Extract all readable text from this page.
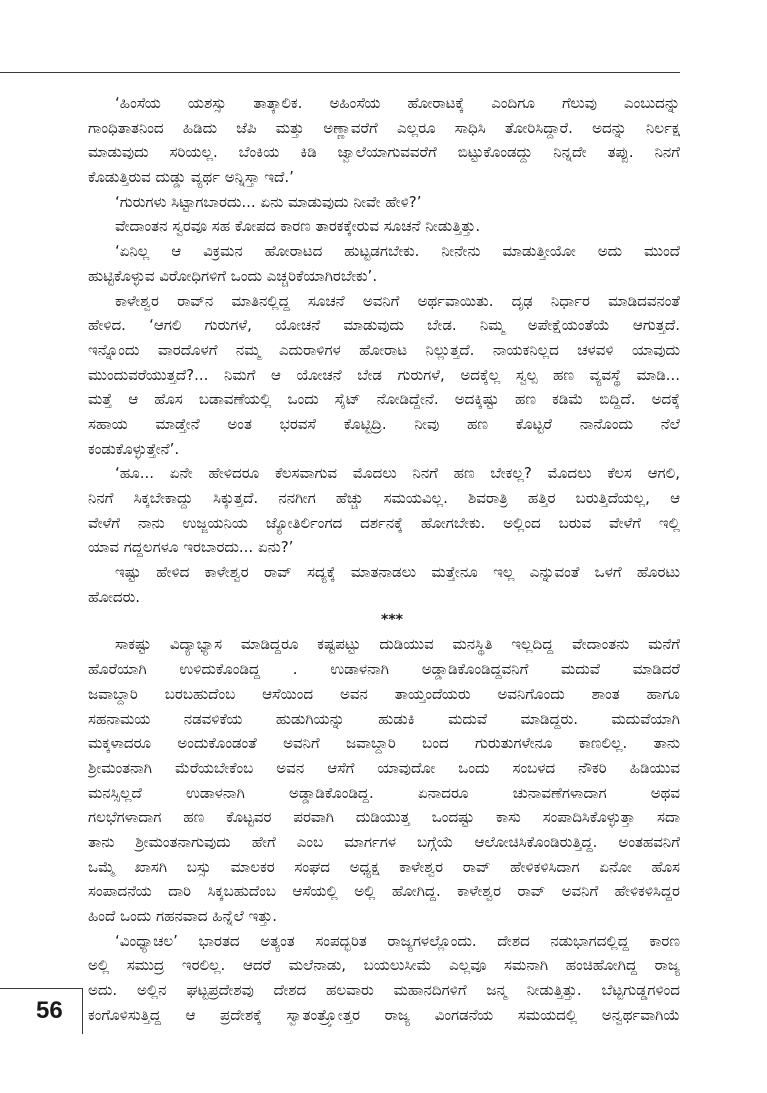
‘ಹಿಂಸೆಯ ಯಶಸ್ಸು ತಾತ್ಕಾಲಿಕ. ಅಹಿಂಸೆಯ ಹೋರಾಟಕ್ಕೆ ಎಂದಿಗೂ ಗೆಲುವು ಎಂಬುದನ್ನು
ಗಾಂಧಿತಾತನಿಂದ ಹಿಡಿದು ಜೆಪಿ ಮತ್ತು ಅಣ್ಣಾವರೆಗೆ ಎಲ್ಲರೂ ಸಾಧಿಸಿ ತೋರಿಸಿದ್ದಾರೆ. ಅದನ್ನು ನಿರ್ಲಕ್ಷ
ಮಾಡುವುದು ಸರಿಯಲ್ಲ. ಬೆಂಕಿಯ ಕಿಡಿ ಜ್ವಾಲೆಯಾಗುವವರೆಗೆ ಬಿಟ್ಟುಕೊಂಡದ್ದು ನಿನ್ನದೇ ತಪ್ಪು. ನಿನಗೆ
ಕೊಡುತ್ತಿರುವ ದುಡ್ಡು ವ್ಯರ್ಥ ಅನ್ನಿಸ್ತಾ ಇದೆ.’
‘ಗುರುಗಳು ಸಿಟ್ಟಾಗಬಾರದು... ಏನು ಮಾಡುವುದು ನೀವೇ ಹೇಳಿ?’
ವೇದಾಂತನ ಸ್ವರವೂ ಸಹ ಕೋಪದ ಕಾರಣ ತಾರಕಕ್ಕೇರುವ ಸೂಚನೆ ನೀಡುತ್ತಿತ್ತು.
‘ಏನಿಲ್ಲ ಆ ವಿಕ್ರಮನ ಹೋರಾಟದ ಹುಟ್ಟಡಗಬೇಕು. ನೀನೇನು ಮಾಡುತ್ತೀಯೋ ಅದು ಮುಂದೆ
ಹುಟ್ಟಿಕೊಳ್ಳುವ ವಿರೋಧಿಗಳಿಗೆ ಒಂದು ಎಚ್ಚರಿಕೆಯಾಗಿರಬೇಕು’.
ಕಾಳೇಶ್ವರ ರಾವ್‌ನ ಮಾತಿನಲ್ಲಿದ್ದ ಸೂಚನೆ ಅವನಿಗೆ ಅರ್ಥವಾಯಿತು. ದೃಢ ನಿರ್ಧಾರ ಮಾಡಿದವನಂತೆ
ಹೇಳಿದ. ‘ಆಗಲಿ ಗುರುಗಳೆ, ಯೋಚನೆ ಮಾಡುವುದು ಬೇಡ. ನಿಮ್ಮ ಅಪೇಕ್ಷೆಯಂತೆಯೆ ಆಗುತ್ತದೆ.
ಇನ್ನೊಂದು ವಾರದೊಳಗೆ ನಮ್ಮ ಎದುರಾಳಿಗಳ ಹೋರಾಟ ನಿಲ್ಲುತ್ತದೆ. ನಾಯಕನಿಲ್ಲದ ಚಳವಳಿ ಯಾವುದು
ಮುಂದುವರೆಯುತ್ತದೆ?... ನಿಮಗೆ ಆ ಯೋಚನೆ ಬೇಡ ಗುರುಗಳೆ, ಅದಕ್ಕೆಲ್ಲ ಸ್ವಲ್ಪ ಹಣ ವ್ಯವಸ್ಥೆ ಮಾಡಿ...
ಮತ್ತೆ ಆ ಹೊಸ ಬಡಾವಣೆಯಲ್ಲಿ ಒಂದು ಸೈಟ್ ನೋಡಿದ್ದೇನೆ. ಅದಕ್ಕಿಷ್ಟು ಹಣ ಕಡಿಮೆ ಬಿದ್ದಿದೆ. ಅದಕ್ಕೆ
ಸಹಾಯ ಮಾಡ್ತೇನೆ ಅಂತ ಭರವಸೆ ಕೊಟ್ಟಿದ್ರಿ. ನೀವು ಹಣ ಕೊಟ್ಟರೆ ನಾನೊಂದು ನೆಲೆ
ಕಂಡುಕೊಳ್ಳುತ್ತೇನೆ’.
‘ಹೂ... ಏನೇ ಹೇಳಿದರೂ ಕೆಲಸವಾಗುವ ಮೊದಲು ನಿನಗೆ ಹಣ ಬೇಕಲ್ಲ? ಮೊದಲು ಕೆಲಸ ಆಗಲಿ,
ನಿನಗೆ ಸಿಕ್ಕಬೇಕಾದ್ದು ಸಿಕ್ಕುತ್ತದೆ. ನನಗೀಗ ಹೆಚ್ಚು ಸಮಯವಿಲ್ಲ. ಶಿವರಾತ್ರಿ ಹತ್ತಿರ ಬರುತ್ತಿದೆಯಲ್ಲ, ಆ
ವೇಳೆಗೆ ನಾನು ಉಜ್ಜಯನಿಯ ಜ್ಯೋತಿರ್ಲಿಂಗದ ದರ್ಶನಕ್ಕೆ ಹೋಗಬೇಕು. ಅಲ್ಲಿಂದ ಬರುವ ವೇಳೆಗೆ ಇಲ್ಲಿ
ಯಾವ ಗದ್ದಲಗಳೂ ಇರಬಾರದು... ಏನು?’
ಇಷ್ಟು ಹೇಳಿದ ಕಾಳೇಶ್ವರ ರಾವ್ ಸದ್ಯಕ್ಕೆ ಮಾತನಾಡಲು ಮತ್ತೇನೂ ಇಲ್ಲ ಎನ್ನುವಂತೆ ಒಳಗೆ ಹೊರಟು
ಹೋದರು.
***
ಸಾಕಷ್ಟು ವಿದ್ಯಾಭ್ಯಾಸ ಮಾಡಿದ್ದರೂ ಕಷ್ಟಪಟ್ಟು ದುಡಿಯುವ ಮನಸ್ಥಿತಿ ಇಲ್ಲದಿದ್ದ ವೇದಾಂತನು ಮನೆಗೆ
ಹೊರೆಯಾಗಿ ಉಳಿದುಕೊಂಡಿದ್ದ . ಉಡಾಳನಾಗಿ ಅಡ್ಡಾಡಿಕೊಂಡಿದ್ದವನಿಗೆ ಮದುವೆ ಮಾಡಿದರೆ
ಜವಾಬ್ದಾರಿ ಬರಬಹುದೆಂಬ ಆಸೆಯಿಂದ ಅವನ ತಾಯ್ತಂದೆಯರು ಅವನಿಗೊಂದು ಶಾಂತ ಹಾಗೂ
ಸಹನಾಮಯ ನಡವಳಿಕೆಯ ಹುಡುಗಿಯನ್ನು ಹುಡುಕಿ ಮದುವೆ ಮಾಡಿದ್ದರು. ಮದುವೆಯಾಗಿ
ಮಕ್ಕಳಾದರೂ ಅಂದುಕೊಂಡಂತೆ ಅವನಿಗೆ ಜವಾಬ್ದಾರಿ ಬಂದ ಗುರುತುಗಳೇನೂ ಕಾಣಲಿಲ್ಲ. ತಾನು
ಶ್ರೀಮಂತನಾಗಿ ಮೆರೆಯಬೇಕೆಂಬ ಅವನ ಆಸೆಗೆ ಯಾವುದೋ ಒಂದು ಸಂಬಳದ ನೌಕರಿ ಹಿಡಿಯುವ
ಮನಸ್ಸಿಲ್ಲದೆ ಉಡಾಳನಾಗಿ ಅಡ್ಡಾಡಿಕೊಂಡಿದ್ದ. ಏನಾದರೂ ಚುನಾವಣೆಗಳಾದಾಗ ಅಥವ
ಗಲಭೆಗಳಾದಾಗ ಹಣ ಕೊಟ್ಟವರ ಪರವಾಗಿ ದುಡಿಯುತ್ತ ಒಂದಷ್ಟು ಕಾಸು ಸಂಪಾದಿಸಿಕೊಳ್ಳುತ್ತಾ ಸದಾ
ತಾನು ಶ್ರೀಮಂತನಾಗುವುದು ಹೇಗೆ ಎಂಬ ಮಾರ್ಗಗಳ ಬಗ್ಗೆಯೆ ಆಲೋಚಿಸಿಕೊಂಡಿರುತ್ತಿದ್ದ. ಅಂತಹವನಿಗೆ
ಒಮ್ಮೆ ಖಾಸಗಿ ಬಸ್ಸು ಮಾಲಕರ ಸಂಘದ ಅಧ್ಯಕ್ಷ ಕಾಳೇಶ್ವರ ರಾವ್ ಹೇಳಿಕಳಿಸಿದಾಗ ಏನೋ ಹೊಸ
ಸಂಪಾದನೆಯ ದಾರಿ ಸಿಕ್ಕಬಹುದೆಂಬ ಆಸೆಯಲ್ಲಿ ಅಲ್ಲಿ ಹೋಗಿದ್ದ. ಕಾಳೇಶ್ವರ ರಾವ್ ಅವನಿಗೆ ಹೇಳಿಕಳಿಸಿದ್ದರ
ಹಿಂದೆ ಒಂದು ಗಹನವಾದ ಹಿನ್ನೆಲೆ ಇತ್ತು.
‘ವಿಂಧ್ಯಾಚಲ’ ಭಾರತದ ಅತ್ಯಂತ ಸಂಪದ್ಭರಿತ ರಾಜ್ಯಗಳಲ್ಲೊಂದು. ದೇಶದ ನಡುಭಾಗದಲ್ಲಿದ್ದ ಕಾರಣ
ಅಲ್ಲಿ ಸಮುದ್ರ ಇರಲಿಲ್ಲ. ಆದರೆ ಮಲೆನಾಡು, ಬಯಲುಸೀಮೆ ಎಲ್ಲವೂ ಸಮನಾಗಿ ಹಂಚಿಹೋಗಿದ್ದ ರಾಜ್ಯ
ಅದು. ಅಲ್ಲಿನ ಘಟ್ಟಪ್ರದೇಶವು ದೇಶದ ಹಲವಾರು ಮಹಾನದಿಗಳಿಗೆ ಜನ್ಮ ನೀಡುತ್ತಿತ್ತು. ಬೆಟ್ಟಗುಡ್ಡಗಳಿಂದ
ಕಂಗೊಳಿಸುತ್ತಿದ್ದ ಆ ಪ್ರದೇಶಕ್ಕೆ ಸ್ವಾತಂತ್ರ್ಯೋತ್ತರ ರಾಜ್ಯ ವಿಂಗಡನೆಯ ಸಮಯದಲ್ಲಿ ಅನ್ವರ್ಥವಾಗಿಯೆ
56
